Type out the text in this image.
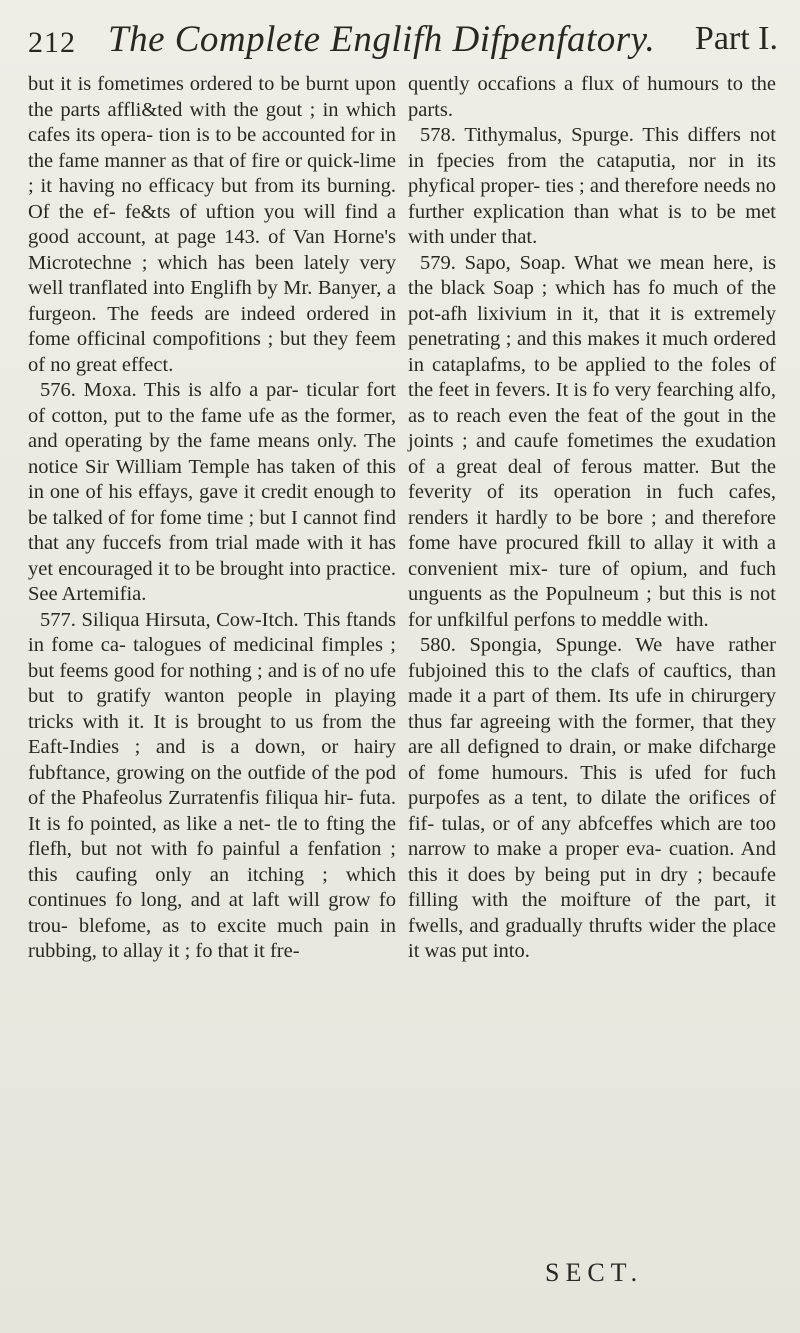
212 The Complete Englifh Difpenfatory. Part I.

but it is fometimes ordered to be burnt upon the parts affli&ted with the gout ; in which cafes its opera- tion is to be accounted for in the fame manner as that of fire or quick-lime ; it having no efficacy but from its burning. Of the ef- fe&ts of uftion you will find a good account, at page 143. of Van Horne's Microtechne ; which has been lately very well tranflated into Englifh by Mr. Banyer, a furgeon. The feeds are indeed ordered in fome officinal compofitions ; but they feem of no great effect.

576. Moxa. This is alfo a par- ticular fort of cotton, put to the fame ufe as the former, and operating by the fame means only. The notice Sir William Temple has taken of this in one of his effays, gave it credit enough to be talked of for fome time ; but I cannot find that any fuccefs from trial made with it has yet encouraged it to be brought into practice. See Artemifia.

577. Siliqua Hirsuta, Cow-Itch. This ftands in fome ca- talogues of medicinal fimples ; but feems good for nothing ; and is of no ufe but to gratify wanton people in playing tricks with it. It is brought to us from the Eaft-Indies ; and is a down, or hairy fubftance, growing on the outfide of the pod of the Phafeolus Zurratenfis filiqua hir- futa. It is fo pointed, as like a net- tle to fting the flefh, but not with fo painful a fenfation ; this caufing only an itching ; which continues fo long, and at laft will grow fo trou- blefome, as to excite much pain in rubbing, to allay it ; fo that it fre-

quently occafions a flux of humours to the parts.

578. Tithymalus, Spurge. This differs not in fpecies from the cataputia, nor in its phyfical proper- ties ; and therefore needs no further explication than what is to be met with under that.

579. Sapo, Soap. What we mean here, is the black Soap ; which has fo much of the pot-afh lixivium in it, that it is extremely penetrating ; and this makes it much ordered in cataplafms, to be applied to the foles of the feet in fevers. It is fo very fearching alfo, as to reach even the feat of the gout in the joints ; and caufe fometimes the exudation of a great deal of ferous matter. But the feverity of its operation in fuch cafes, renders it hardly to be bore ; and therefore fome have procured fkill to allay it with a convenient mix- ture of opium, and fuch unguents as the Populneum ; but this is not for unfkilful perfons to meddle with.

580. Spongia, Spunge. We have rather fubjoined this to the clafs of cauftics, than made it a part of them. Its ufe in chirurgery thus far agreeing with the former, that they are all defigned to drain, or make difcharge of fome humours. This is ufed for fuch purpofes as a tent, to dilate the orifices of fif- tulas, or of any abfceffes which are too narrow to make a proper eva- cuation. And this it does by being put in dry ; becaufe filling with the moifture of the part, it fwells, and gradually thrufts wider the place it was put into.

SECT.
